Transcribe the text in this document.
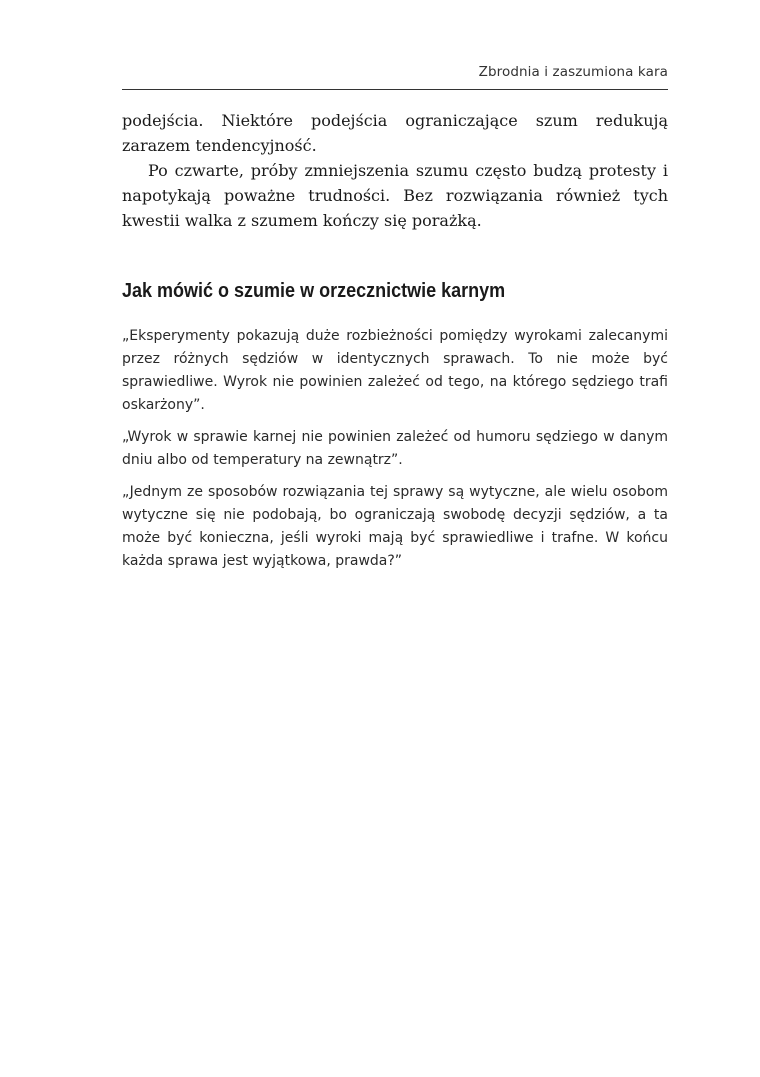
Zbrodnia i zaszumiona kara

podejścia. Niektóre podejścia ograniczające szum redukują zarazem tendencyjność.

Po czwarte, próby zmniejszenia szumu często budzą protesty i napotykają poważne trudności. Bez rozwiązania również tych kwestii walka z szumem kończy się porażką.

Jak mówić o szumie w orzecznictwie karnym

„Eksperymenty pokazują duże rozbieżności pomiędzy wyrokami zalecanymi przez różnych sędziów w identycznych sprawach. To nie może być sprawiedliwe. Wyrok nie powinien zależeć od tego, na którego sędziego trafi oskarżony”.

„Wyrok w sprawie karnej nie powinien zależeć od humoru sędziego w danym dniu albo od temperatury na zewnątrz”.

„Jednym ze sposobów rozwiązania tej sprawy są wytyczne, ale wielu osobom wytyczne się nie podobają, bo ograniczają swobodę decyzji sędziów, a ta może być konieczna, jeśli wyroki mają być sprawiedliwe i trafne. W końcu każda sprawa jest wyjątkowa, prawda?”
